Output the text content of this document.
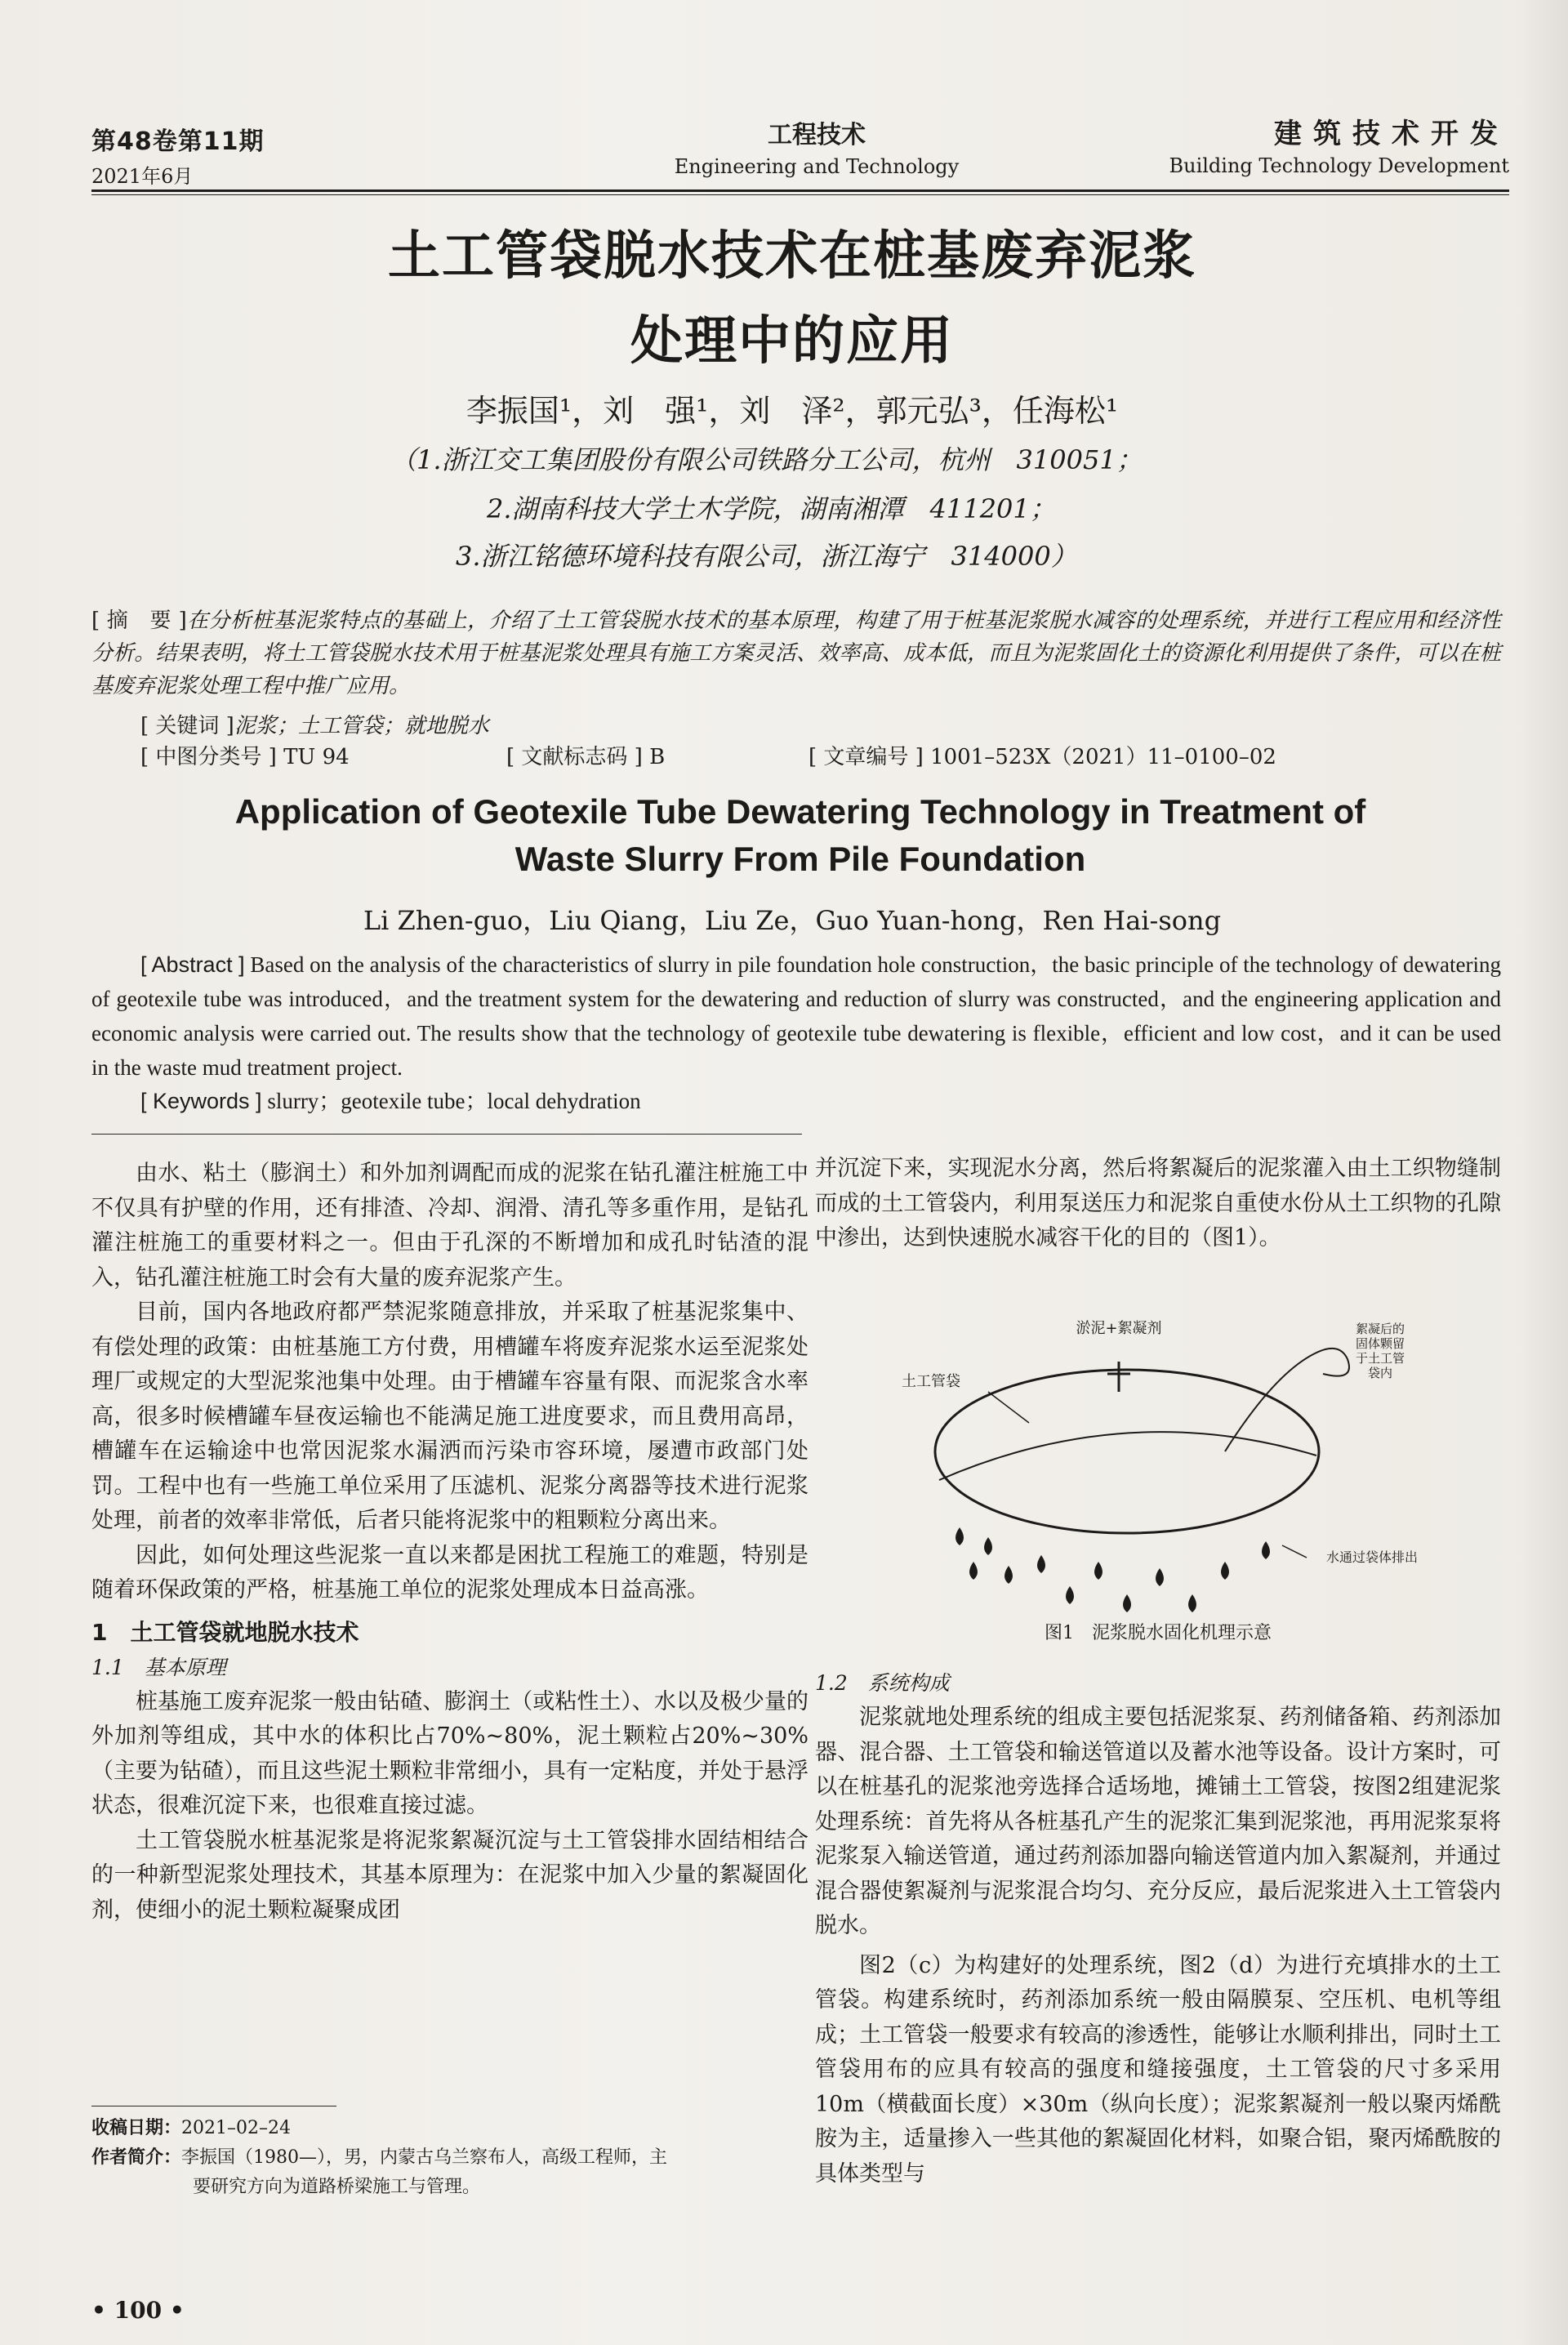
第48卷第11期
2021年6月
工程技术
Engineering and Technology
建筑技术开发
Building Technology Development
土工管袋脱水技术在桩基废弃泥浆
处理中的应用
李振国¹，刘　强¹，刘　泽²，郭元弘³，任海松¹
（1.浙江交工集团股份有限公司铁路分工公司，杭州　310051；
2.湖南科技大学土木学院，湖南湘潭　411201；
3.浙江铭德环境科技有限公司，浙江海宁　314000）
[ 摘　要 ]在分析桩基泥浆特点的基础上，介绍了土工管袋脱水技术的基本原理，构建了用于桩基泥浆脱水减容的处理系统，并进行工程应用和经济性分析。结果表明，将土工管袋脱水技术用于桩基泥浆处理具有施工方案灵活、效率高、成本低，而且为泥浆固化土的资源化利用提供了条件，可以在桩基废弃泥浆处理工程中推广应用。
[ 关键词 ]泥浆；土工管袋；就地脱水
[ 中图分类号 ] TU 94	[ 文献标志码 ] B	[ 文章编号 ] 1001–523X（2021）11–0100–02
Application of Geotexile Tube Dewatering Technology in Treatment of
Waste Slurry From Pile Foundation
Li Zhen-guo，Liu Qiang，Liu Ze，Guo Yuan-hong，Ren Hai-song
[ Abstract ] Based on the analysis of the characteristics of slurry in pile foundation hole construction，the basic principle of the technology of dewatering of geotexile tube was introduced，and the treatment system for the dewatering and reduction of slurry was constructed，and the engineering application and economic analysis were carried out. The results show that the technology of geotexile tube dewatering is flexible，efficient and low cost，and it can be used in the waste mud treatment project.
[ Keywords ] slurry；geotexile tube；local dehydration

由水、粘土（膨润土）和外加剂调配而成的泥浆在钻孔灌注桩施工中不仅具有护壁的作用，还有排渣、冷却、润滑、清孔等多重作用，是钻孔灌注桩施工的重要材料之一。但由于孔深的不断增加和成孔时钻渣的混入，钻孔灌注桩施工时会有大量的废弃泥浆产生。

目前，国内各地政府都严禁泥浆随意排放，并采取了桩基泥浆集中、有偿处理的政策：由桩基施工方付费，用槽罐车将废弃泥浆水运至泥浆处理厂或规定的大型泥浆池集中处理。由于槽罐车容量有限、而泥浆含水率高，很多时候槽罐车昼夜运输也不能满足施工进度要求，而且费用高昂，槽罐车在运输途中也常因泥浆水漏洒而污染市容环境，屡遭市政部门处罚。工程中也有一些施工单位采用了压滤机、泥浆分离器等技术进行泥浆处理，前者的效率非常低，后者只能将泥浆中的粗颗粒分离出来。

因此，如何处理这些泥浆一直以来都是困扰工程施工的难题，特别是随着环保政策的严格，桩基施工单位的泥浆处理成本日益高涨。

1　土工管袋就地脱水技术
1.1　基本原理

桩基施工废弃泥浆一般由钻碴、膨润土（或粘性土）、水以及极少量的外加剂等组成，其中水的体积比占70%~80%，泥土颗粒占20%~30%（主要为钻碴），而且这些泥土颗粒非常细小，具有一定粘度，并处于悬浮状态，很难沉淀下来，也很难直接过滤。

土工管袋脱水桩基泥浆是将泥浆絮凝沉淀与土工管袋排水固结相结合的一种新型泥浆处理技术，其基本原理为：在泥浆中加入少量的絮凝固化剂，使细小的泥土颗粒凝聚成团

并沉淀下来，实现泥水分离，然后将絮凝后的泥浆灌入由土工织物缝制而成的土工管袋内，利用泵送压力和泥浆自重使水份从土工织物的孔隙中渗出，达到快速脱水减容干化的目的（图1）。

淤泥+絮凝剂
土工管袋
絮凝后的
固体颗留
于土工管
袋内
水通过袋体排出
图1　泥浆脱水固化机理示意
1.2　系统构成

泥浆就地处理系统的组成主要包括泥浆泵、药剂储备箱、药剂添加器、混合器、土工管袋和输送管道以及蓄水池等设备。设计方案时，可以在桩基孔的泥浆池旁选择合适场地，摊铺土工管袋，按图2组建泥浆处理系统：首先将从各桩基孔产生的泥浆汇集到泥浆池，再用泥浆泵将泥浆泵入输送管道，通过药剂添加器向输送管道内加入絮凝剂，并通过混合器使絮凝剂与泥浆混合均匀、充分反应，最后泥浆进入土工管袋内脱水。

图2（c）为构建好的处理系统，图2（d）为进行充填排水的土工管袋。构建系统时，药剂添加系统一般由隔膜泵、空压机、电机等组成；土工管袋一般要求有较高的渗透性，能够让水顺利排出，同时土工管袋用布的应具有较高的强度和缝接强度，土工管袋的尺寸多采用10m（横截面长度）×30m（纵向长度）；泥浆絮凝剂一般以聚丙烯酰胺为主，适量掺入一些其他的絮凝固化材料，如聚合铝，聚丙烯酰胺的具体类型与

收稿日期：2021–02–24
作者简介：李振国（1980—），男，内蒙古乌兰察布人，高级工程师，主
要研究方向为道路桥梁施工与管理。
• 100 •
